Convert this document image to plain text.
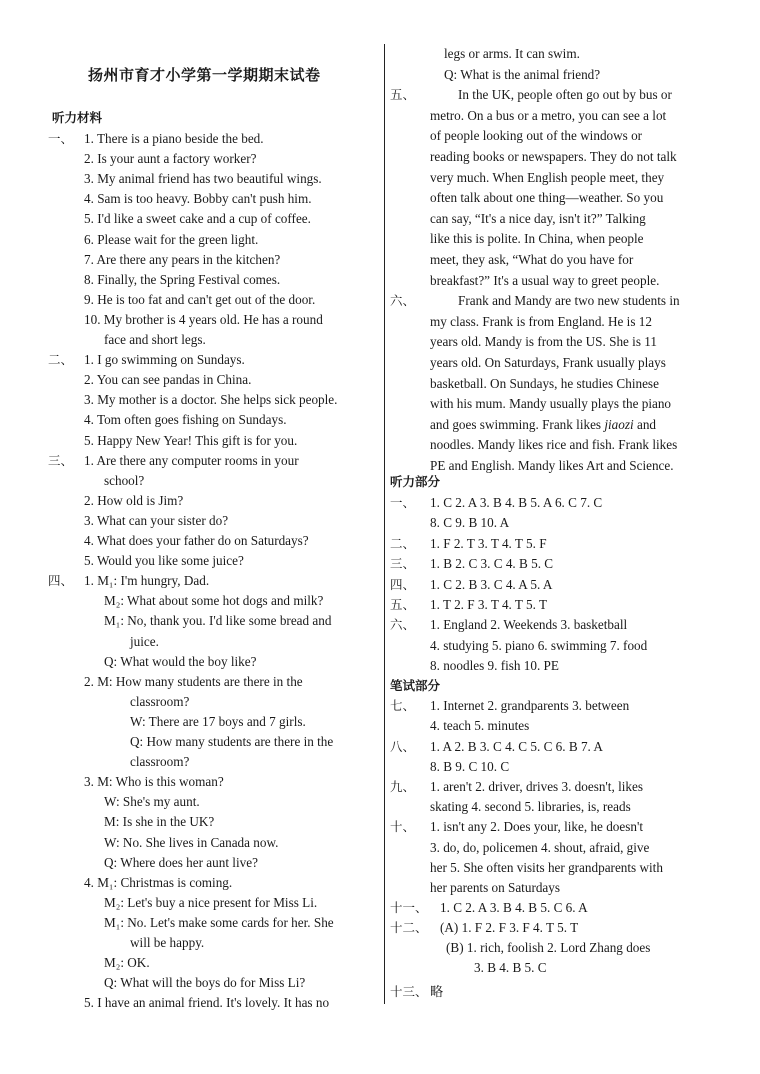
扬州市育才小学第一学期期末试卷
听力材料
一、 1. There is a piano beside the bed.
2. Is your aunt a factory worker?
3. My animal friend has two beautiful wings.
4. Sam is too heavy. Bobby can't push him.
5. I'd like a sweet cake and a cup of coffee.
6. Please wait for the green light.
7. Are there any pears in the kitchen?
8. Finally, the Spring Festival comes.
9. He is too fat and can't get out of the door.
10. My brother is 4 years old. He has a round
face and short legs.
二、 1. I go swimming on Sundays.
2. You can see pandas in China.
3. My mother is a doctor. She helps sick people.
4. Tom often goes fishing on Sundays.
5. Happy New Year! This gift is for you.
三、 1. Are there any computer rooms in your
school?
2. How old is Jim?
3. What can your sister do?
4. What does your father do on Saturdays?
5. Would you like some juice?
四、 1. M₁: I'm hungry, Dad.
M₂: What about some hot dogs and milk?
M₁: No, thank you. I'd like some bread and
juice.
Q: What would the boy like?
2. M: How many students are there in the
classroom?
W: There are 17 boys and 7 girls.
Q: How many students are there in the
classroom?
3. M: Who is this woman?
W: She's my aunt.
M: Is she in the UK?
W: No. She lives in Canada now.
Q: Where does her aunt live?
4. M₁: Christmas is coming.
M₂: Let's buy a nice present for Miss Li.
M₁: No. Let's make some cards for her. She
will be happy.
M₂: OK.
Q: What will the boys do for Miss Li?
5. I have an animal friend. It's lovely. It has no
legs or arms. It can swim.
Q: What is the animal friend?
五、	In the UK, people often go out by bus or
metro. On a bus or a metro, you can see a lot
of people looking out of the windows or
reading books or newspapers. They do not talk
very much. When English people meet, they
often talk about one thing—weather. So you
can say, “It's a nice day, isn't it?” Talking
like this is polite. In China, when people
meet, they ask, “What do you have for
breakfast?” It's a usual way to greet people.
六、	Frank and Mandy are two new students in
my class. Frank is from England. He is 12
years old. Mandy is from the US. She is 11
years old. On Saturdays, Frank usually plays
basketball. On Sundays, he studies Chinese
with his mum. Mandy usually plays the piano
and goes swimming. Frank likes jiaozi and
noodles. Mandy likes rice and fish. Frank likes
PE and English. Mandy likes Art and Science.
听力部分
一、 1. C 2. A 3. B 4. B 5. A 6. C 7. C
8. C 9. B 10. A
二、 1. F 2. T 3. T 4. T 5. F
三、 1. B 2. C 3. C 4. B 5. C
四、 1. C 2. B 3. C 4. A 5. A
五、 1. T 2. F 3. T 4. T 5. T
六、 1. England 2. Weekends 3. basketball
4. studying 5. piano 6. swimming 7. food
8. noodles 9. fish 10. PE
笔试部分
七、 1. Internet 2. grandparents 3. between
4. teach 5. minutes
八、 1. A 2. B 3. C 4. C 5. C 6. B 7. A
8. B 9. C 10. C
九、 1. aren't 2. driver, drives 3. doesn't, likes
skating 4. second 5. libraries, is, reads
十、 1. isn't any 2. Does your, like, he doesn't
3. do, do, policemen 4. shout, afraid, give
her 5. She often visits her grandparents with
her parents on Saturdays
十一、 1. C 2. A 3. B 4. B 5. C 6. A
十二、 (A) 1. F 2. F 3. F 4. T 5. T
(B) 1. rich, foolish 2. Lord Zhang does
3. B 4. B 5. C
十三、 略
